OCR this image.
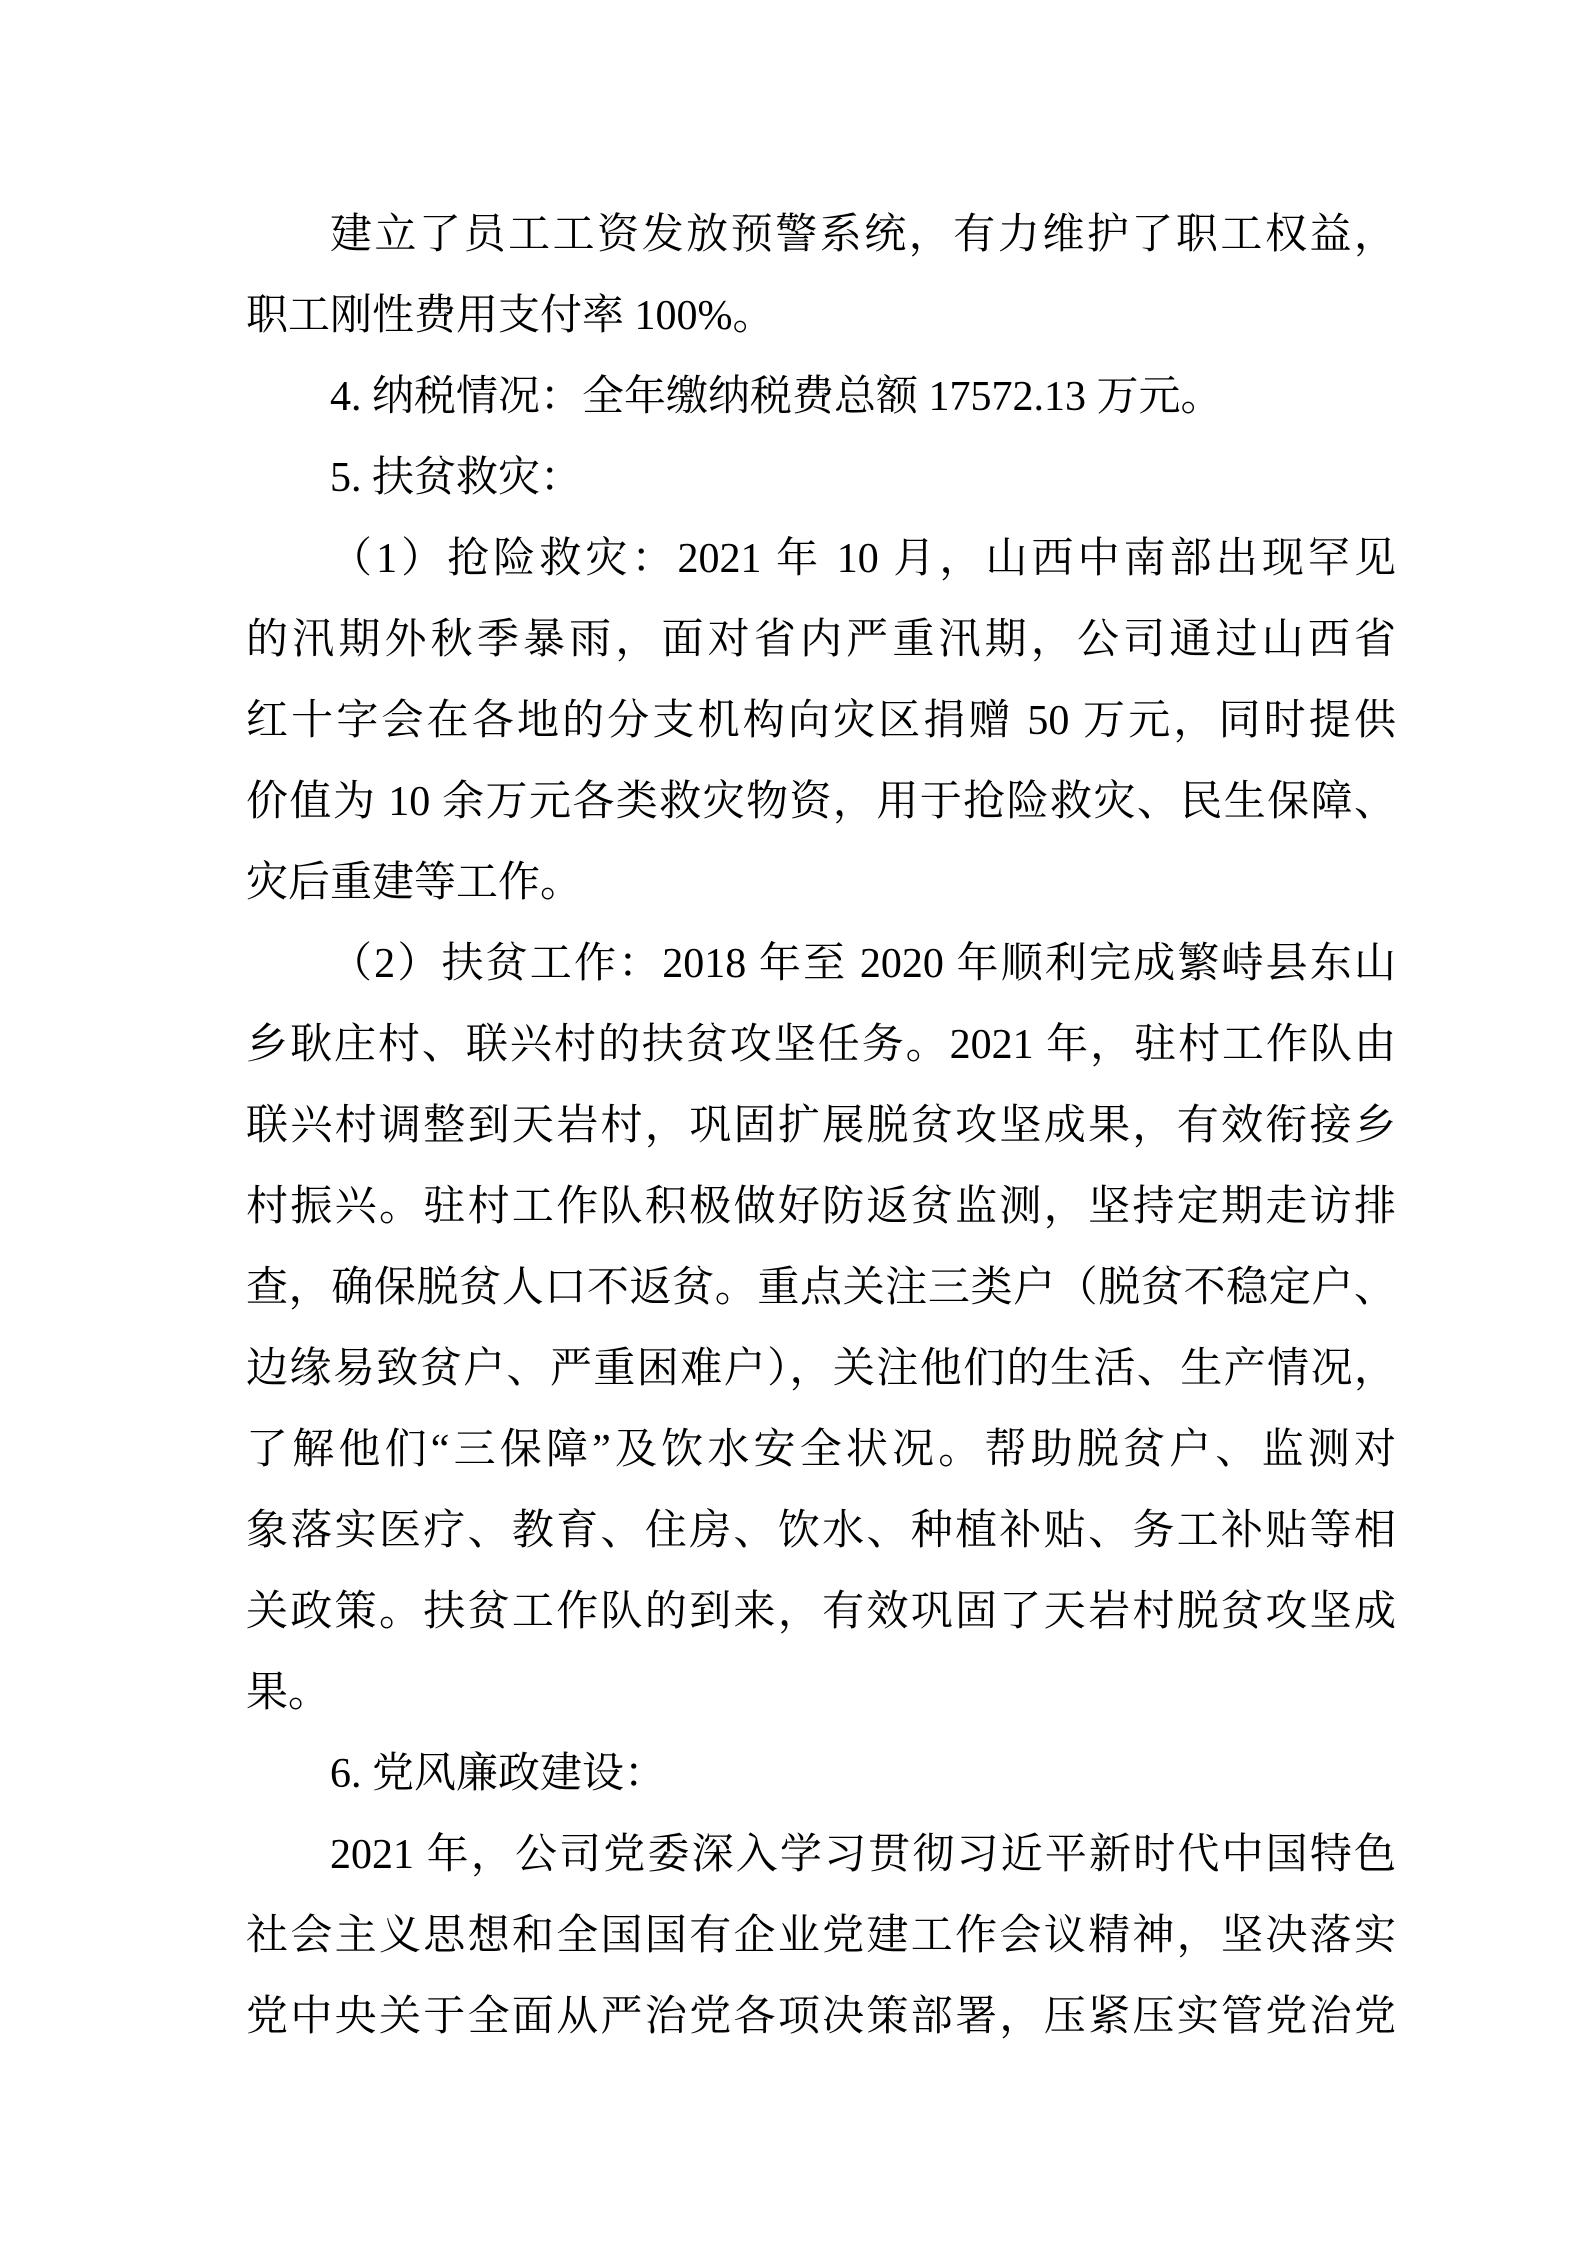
建立了员工工资发放预警系统，有力维护了职工权益，
职工刚性费用支付率 100%。
4. 纳税情况：全年缴纳税费总额 17572.13 万元。
5. 扶贫救灾：
（1）抢险救灾：2021 年 10 月，山西中南部出现罕见
的汛期外秋季暴雨，面对省内严重汛期，公司通过山西省
红十字会在各地的分支机构向灾区捐赠 50 万元，同时提供
价值为 10 余万元各类救灾物资，用于抢险救灾、民生保障、
灾后重建等工作。
（2）扶贫工作：2018 年至 2020 年顺利完成繁峙县东山
乡耿庄村、联兴村的扶贫攻坚任务。2021 年，驻村工作队由
联兴村调整到天岩村，巩固扩展脱贫攻坚成果，有效衔接乡
村振兴。驻村工作队积极做好防返贫监测，坚持定期走访排
查，确保脱贫人口不返贫。重点关注三类户（脱贫不稳定户、
边缘易致贫户、严重困难户），关注他们的生活、生产情况，
了解他们“三保障”及饮水安全状况。帮助脱贫户、监测对
象落实医疗、教育、住房、饮水、种植补贴、务工补贴等相
关政策。扶贫工作队的到来，有效巩固了天岩村脱贫攻坚成
果。
6. 党风廉政建设：
2021 年，公司党委深入学习贯彻习近平新时代中国特色
社会主义思想和全国国有企业党建工作会议精神，坚决落实
党中央关于全面从严治党各项决策部署，压紧压实管党治党
